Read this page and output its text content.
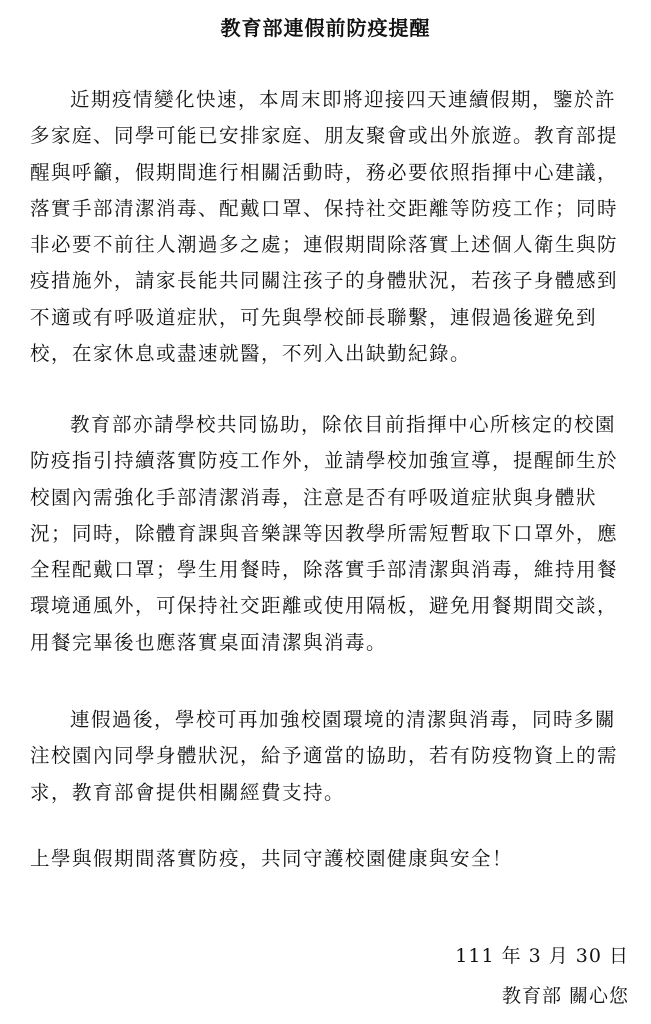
教育部連假前防疫提醒
近期疫情變化快速，本周末即將迎接四天連續假期，鑒於許
多家庭、同學可能已安排家庭、朋友聚會或出外旅遊。教育部提
醒與呼籲，假期間進行相關活動時，務必要依照指揮中心建議，
落實手部清潔消毒、配戴口罩、保持社交距離等防疫工作；同時
非必要不前往人潮過多之處；連假期間除落實上述個人衛生與防
疫措施外，請家長能共同關注孩子的身體狀況，若孩子身體感到
不適或有呼吸道症狀，可先與學校師長聯繫，連假過後避免到
校，在家休息或盡速就醫，不列入出缺勤紀錄。
教育部亦請學校共同協助，除依目前指揮中心所核定的校園
防疫指引持續落實防疫工作外，並請學校加強宣導，提醒師生於
校園內需強化手部清潔消毒，注意是否有呼吸道症狀與身體狀
況；同時，除體育課與音樂課等因教學所需短暫取下口罩外，應
全程配戴口罩；學生用餐時，除落實手部清潔與消毒，維持用餐
環境通風外，可保持社交距離或使用隔板，避免用餐期間交談，
用餐完畢後也應落實桌面清潔與消毒。
連假過後，學校可再加強校園環境的清潔與消毒，同時多關
注校園內同學身體狀況，給予適當的協助，若有防疫物資上的需
求，教育部會提供相關經費支持。
上學與假期間落實防疫，共同守護校園健康與安全！
111 年 3 月 30 日
教育部 關心您
